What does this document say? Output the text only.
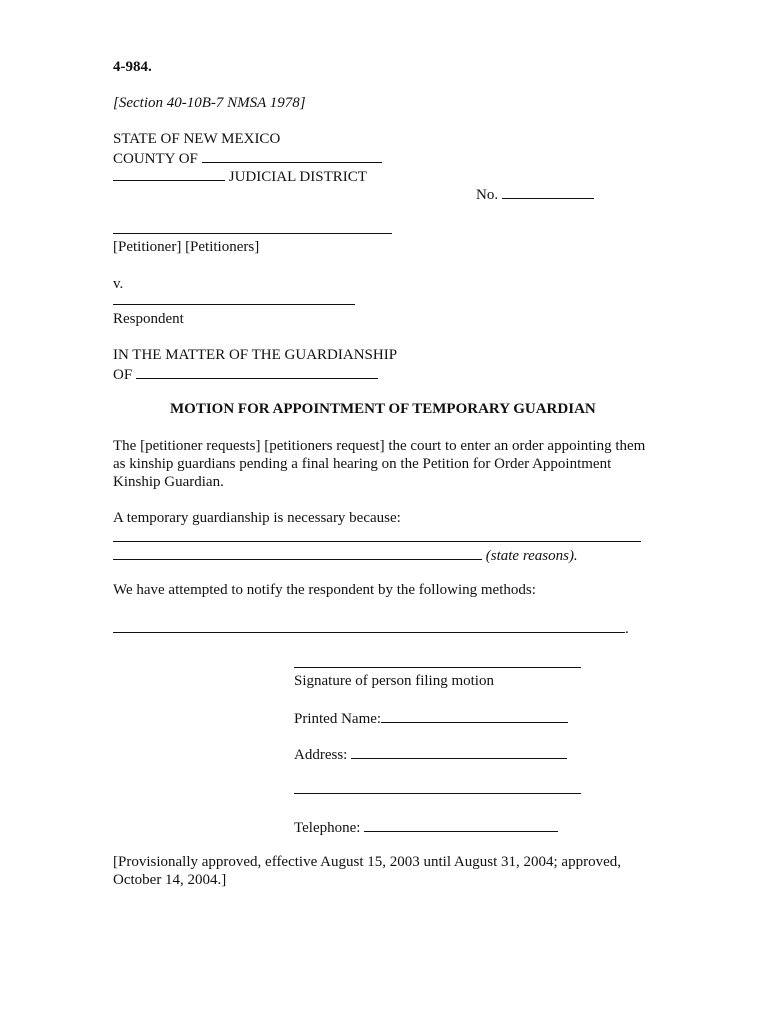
4-984.
[Section 40-10B-7 NMSA 1978]
STATE OF NEW MEXICO
COUNTY OF
JUDICIAL DISTRICT
No.
[Petitioner] [Petitioners]
v.
Respondent
IN THE MATTER OF THE GUARDIANSHIP
OF
MOTION FOR APPOINTMENT OF TEMPORARY GUARDIAN
The [petitioner requests] [petitioners request] the court to enter an order appointing them
as kinship guardians pending a final hearing on the Petition for Order Appointment
Kinship Guardian.
A temporary guardianship is necessary because:
(state reasons).
We have attempted to notify the respondent by the following methods:
.
Signature of person filing motion
Printed Name:
Address:
Telephone:
[Provisionally approved, effective August 15, 2003 until August 31, 2004; approved,
October 14, 2004.]
